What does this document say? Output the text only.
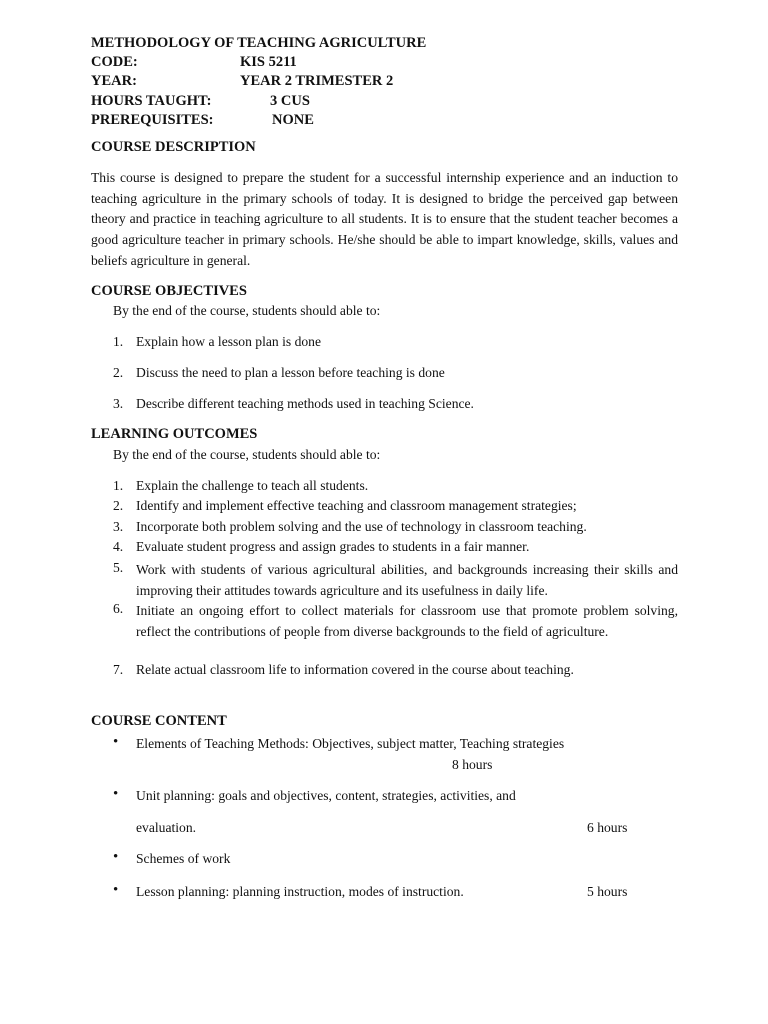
METHODOLOGY OF TEACHING AGRICULTURE
CODE:	KIS 5211
YEAR:	YEAR 2 TRIMESTER 2
HOURS TAUGHT:	3 CUS
PREREQUISITES:	NONE
COURSE DESCRIPTION

This course is designed to prepare the student for a successful internship experience and an induction to teaching agriculture in the primary schools of today. It is designed to bridge the perceived gap between theory and practice in teaching agriculture to all students. It is to ensure that the student teacher becomes a good agriculture teacher in primary schools. He/she should be able to impart knowledge, skills, values and beliefs agriculture in general.

COURSE OBJECTIVES
By the end of the course, students should able to:
1. Explain how a lesson plan is done
2. Discuss the need to plan a lesson before teaching is done
3. Describe different teaching methods used in teaching Science.
LEARNING OUTCOMES
By the end of the course, students should able to:
1. Explain the challenge to teach all students.
2. Identify and implement effective teaching and classroom management strategies;
3. Incorporate both problem solving and the use of technology in classroom teaching.
4. Evaluate student progress and assign grades to students in a fair manner.
5. Work with students of various agricultural abilities, and backgrounds increasing their skills and improving their attitudes towards agriculture and its usefulness in daily life.

6. Initiate an ongoing effort to collect materials for classroom use that promote problem solving, reflect the contributions of people from diverse backgrounds to the field of agriculture.

7. Relate actual classroom life to information covered in the course about teaching.
COURSE CONTENT
• Elements of Teaching Methods: Objectives, subject matter, Teaching strategies
8 hours
• Unit planning: goals and objectives, content, strategies, activities, and
evaluation.	6 hours
• Schemes of work
• Lesson planning: planning instruction, modes of instruction.	5 hours
